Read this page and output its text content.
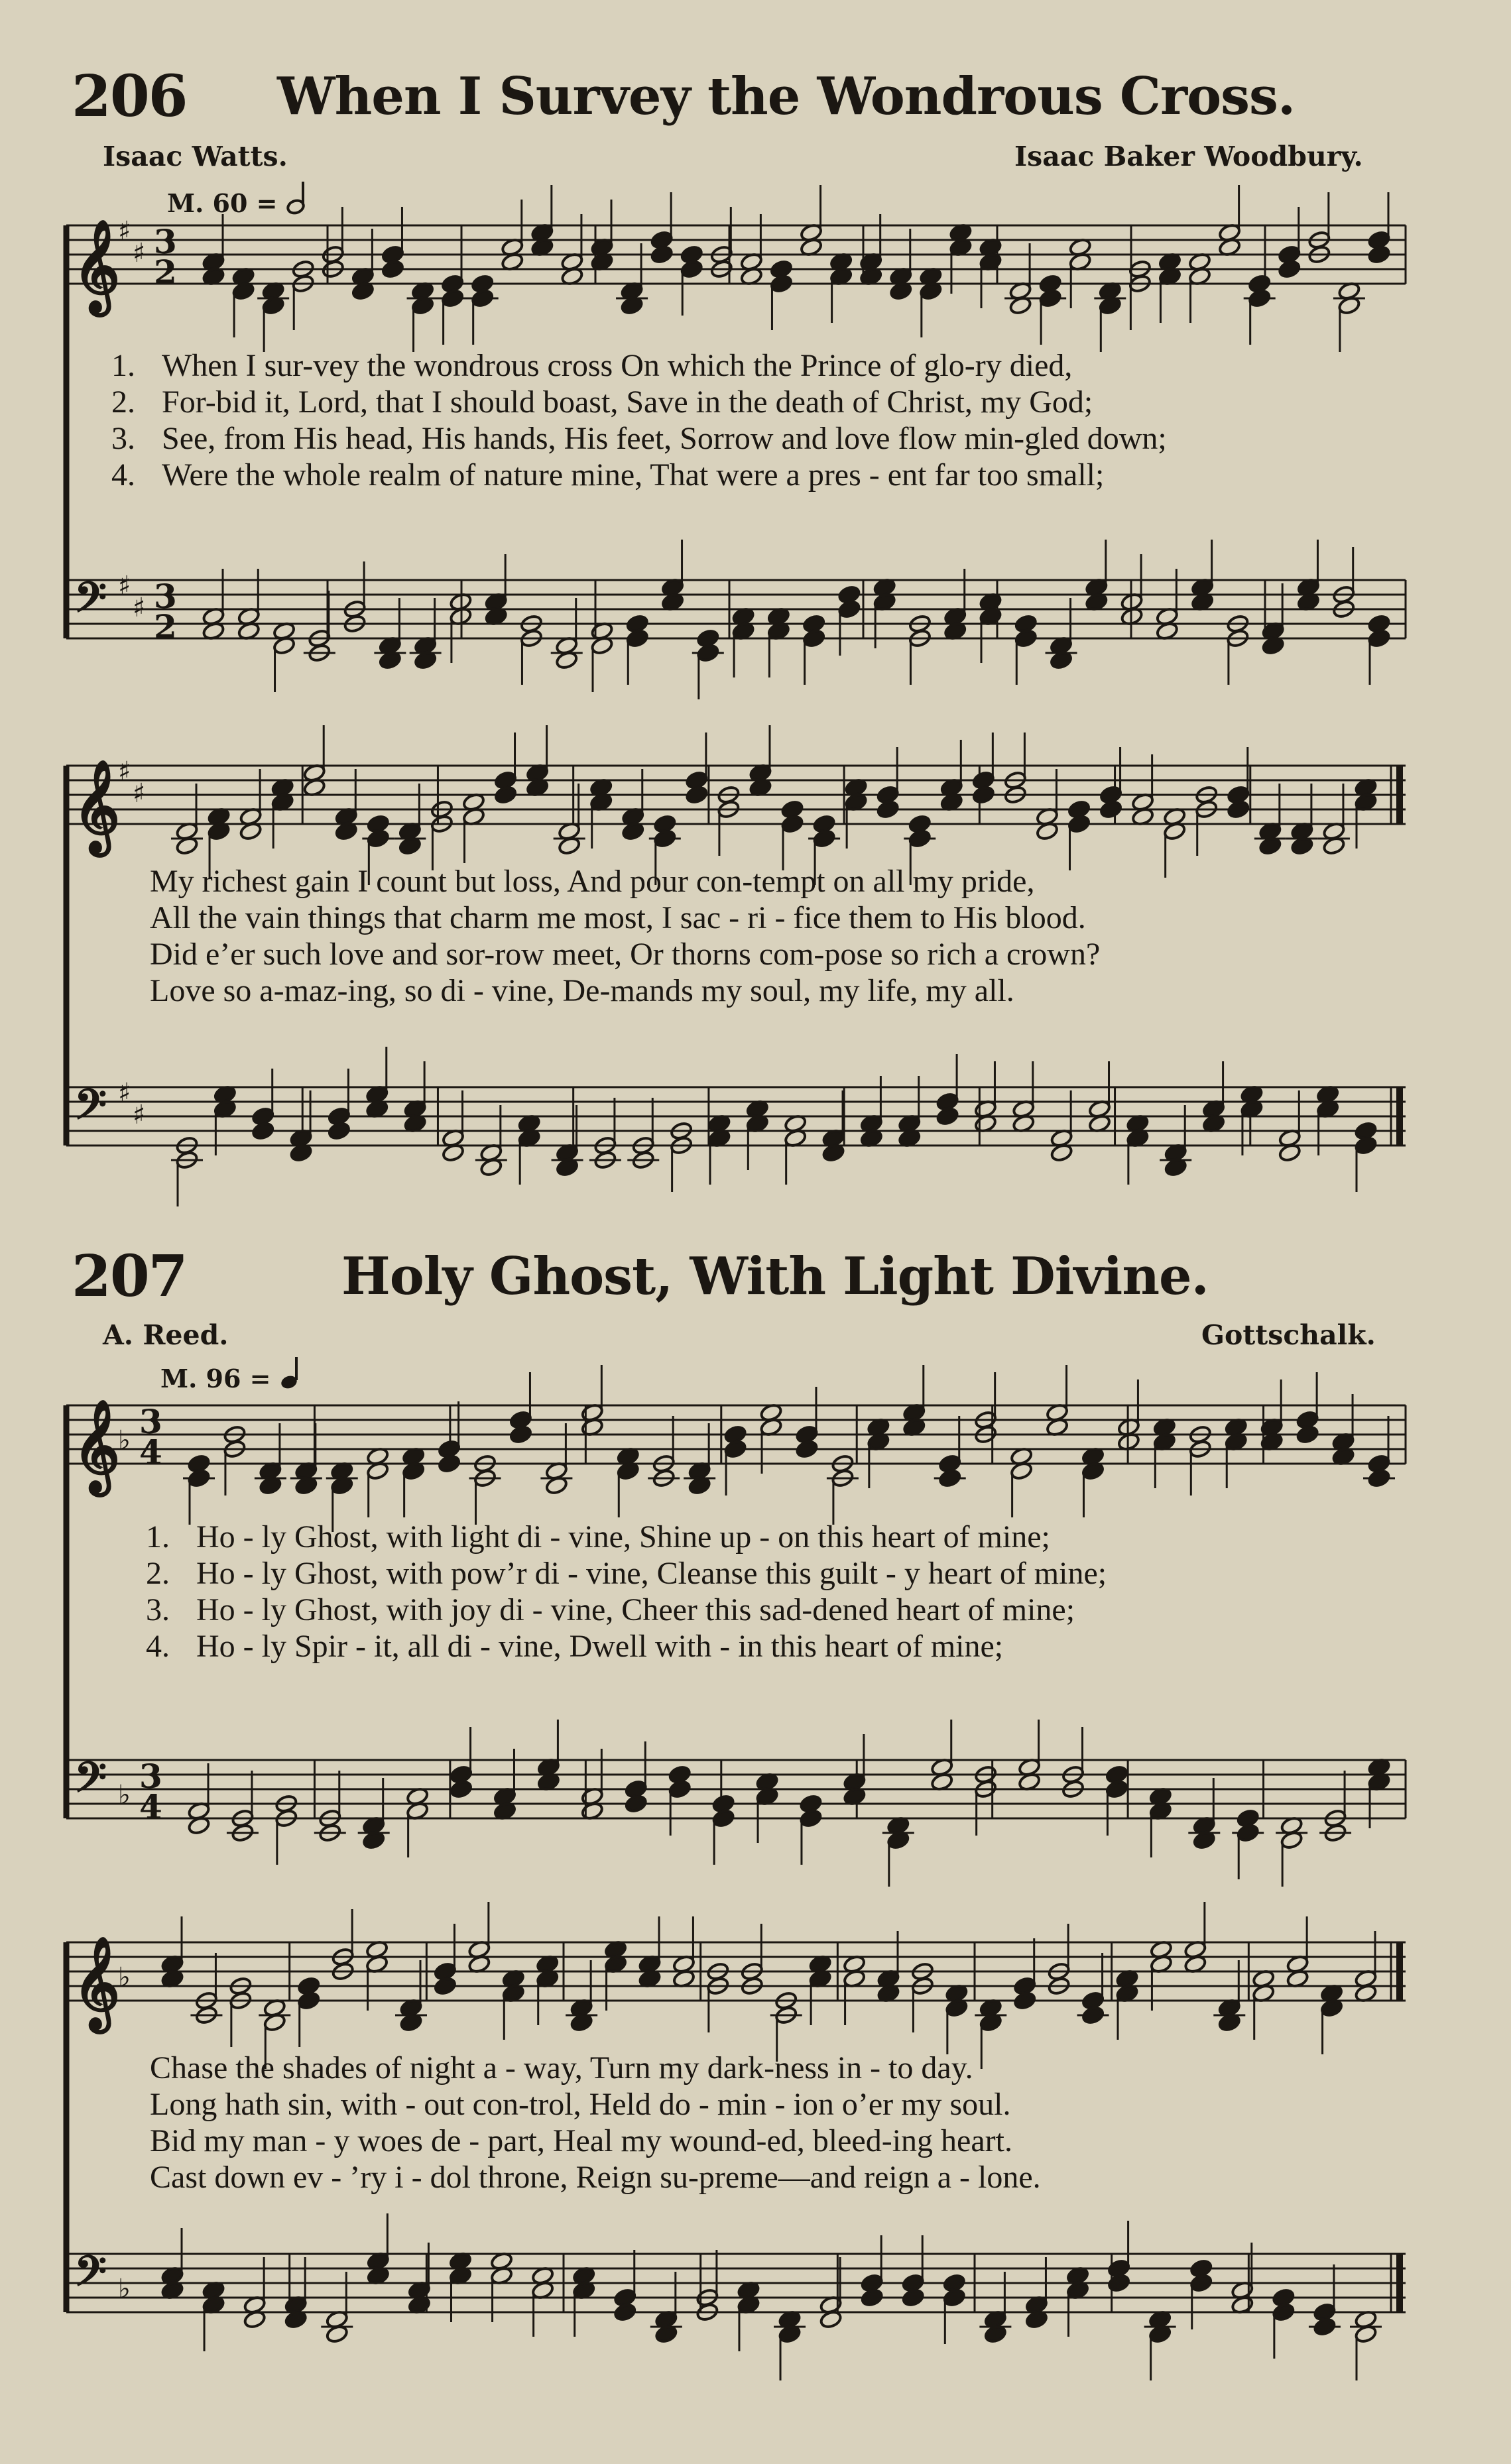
206 When I Survey the Wondrous Cross.
Isaac Watts.	Isaac Baker Woodbury.
M. 60 =
𝄞
♯
♯ 3
2
𝄢 ♯
♯ 3
2
1. When I sur-vey the wondrous cross On which the Prince of glo-ry died,
2. For-bid it, Lord, that I should boast, Save in the death of Christ, my God;
3. See, from His head, His hands, His feet, Sorrow and love flow min-gled down;
4. Were the whole realm of nature mine, That were a pres - ent far too small;
𝄞
♯
♯
𝄢 ♯
♯
My richest gain I count but loss, And pour con-tempt on all my pride,
All the vain things that charm me most, I sac - ri - fice them to His blood.
Did e’er such love and sor-row meet, Or thorns com-pose so rich a crown?
Love so a-maz-ing, so di - vine, De-mands my soul, my life, my all.
207	Holy Ghost, With Light Divine.
A. Reed.	Gottschalk.
M. 96 =
𝄞
♭ 3
4
𝄢 ♭ 3
4
1. Ho - ly Ghost, with light di - vine, Shine up - on this heart of mine;
2. Ho - ly Ghost, with pow’r di - vine, Cleanse this guilt - y heart of mine;
3. Ho - ly Ghost, with joy di - vine, Cheer this sad-dened heart of mine;
4. Ho - ly Spir - it, all di - vine, Dwell with - in this heart of mine;
𝄞
♭
𝄢 ♭
Chase the shades of night a - way, Turn my dark-ness in - to day.
Long hath sin, with - out con-trol, Held do - min - ion o’er my soul.
Bid my man - y woes de - part, Heal my wound-ed, bleed-ing heart.
Cast down ev - ’ry i - dol throne, Reign su-preme—and reign a - lone.
